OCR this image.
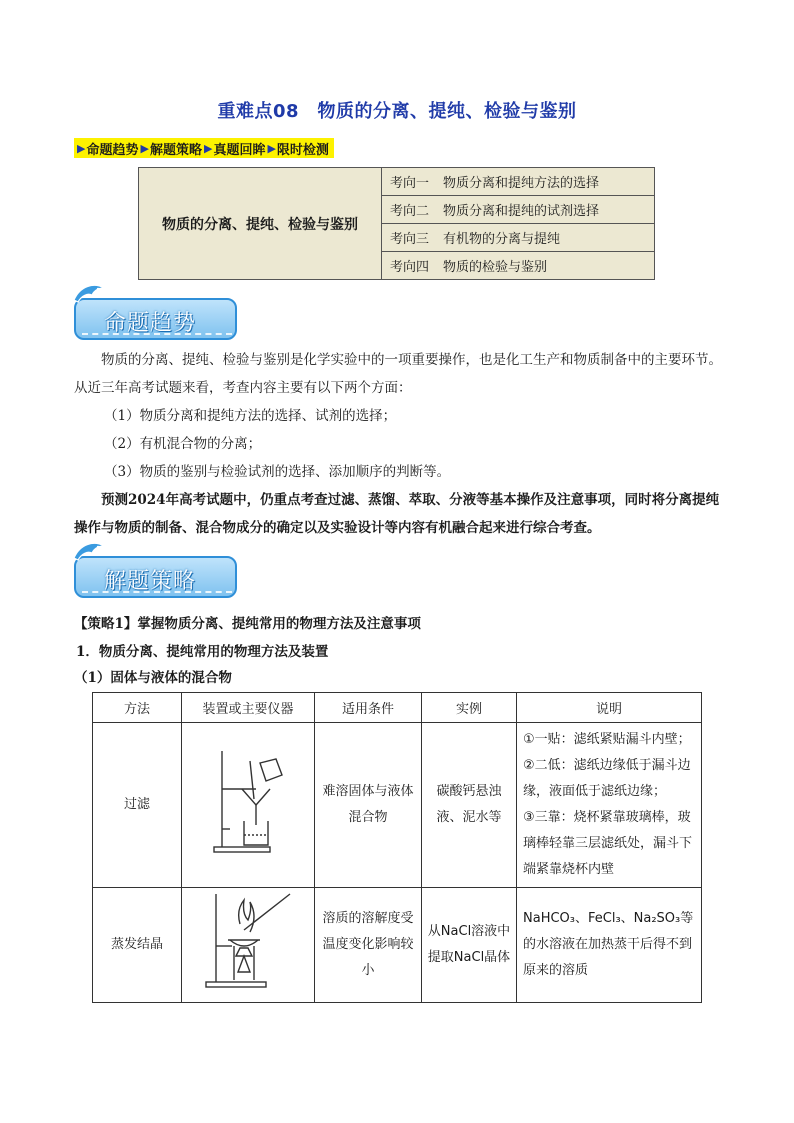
重难点08　物质的分离、提纯、检验与鉴别
▶ 命题趋势 ▶ 解题策略 ▶ 真题回眸 ▶ 限时检测
物质的分离、提纯、检验与鉴别	考向一 物质分离和提纯方法的选择
考向二 物质分离和提纯的试剂选择
考向三 有机物的分离与提纯
考向四 物质的检验与鉴别
命题趋势

物质的分离、提纯、检验与鉴别是化学实验中的一项重要操作，也是化工生产和物质制备中的主要环节。从近三年高考试题来看，考查内容主要有以下两个方面：

（1）物质分离和提纯方法的选择、试剂的选择；

（2）有机混合物的分离；

（3）物质的鉴别与检验试剂的选择、添加顺序的判断等。

预测2024年高考试题中，仍重点考查过滤、蒸馏、萃取、分液等基本操作及注意事项，同时将分离提纯操作与物质的制备、混合物成分的确定以及实验设计等内容有机融合起来进行综合考查。

解题策略
【策略1】掌握物质分离、提纯常用的物理方法及注意事项
1．物质分离、提纯常用的物理方法及装置
（1）固体与液体的混合物
方法	装置或主要仪器	适用条件	实例	说明
过滤		难溶固体与液体混合物	碳酸钙悬浊液、泥水等	①一贴：滤纸紧贴漏斗内壁；
②二低：滤纸边缘低于漏斗边缘，液面低于滤纸边缘；
③三靠：烧杯紧靠玻璃棒，玻璃棒轻靠三层滤纸处，漏斗下端紧靠烧杯内壁

蒸发结晶		溶质的溶解度受温度变化影响较小	从NaCl溶液中提取NaCl晶体	NaHCO₃、FeCl₃、Na₂SO₃等的水溶液在加热蒸干后得不到原来的溶质
